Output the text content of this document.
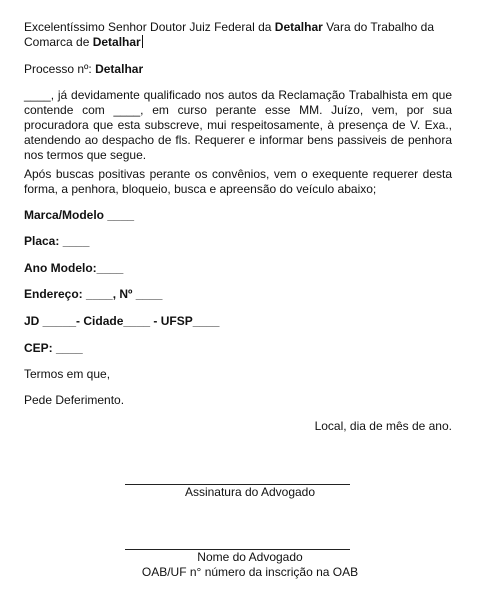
Excelentíssimo Senhor Doutor Juiz Federal da Detalhar Vara do Trabalho da

Comarca de Detalhar

Processo nº: Detalhar

____, já devidamente qualificado nos autos da Reclamação Trabalhista em que contende com ____, em curso perante esse MM. Juízo, vem, por sua procuradora que esta subscreve, mui respeitosamente, à presença de V. Exa., atendendo ao despacho de fls. Requerer e informar bens passiveis de penhora nos termos que segue.

Após buscas positivas perante os convênios, vem o exequente requerer desta forma, a penhora, bloqueio, busca e apreensão do veículo abaixo;

Marca/Modelo ____

Placa: ____

Ano Modelo:____

Endereço: ____, Nº ____

JD _____- Cidade____ - UFSP____

CEP: ____

Termos em que,

Pede Deferimento.

Local, dia de mês de ano.

Assinatura do Advogado

Nome do Advogado

OAB/UF n° número da inscrição na OAB
